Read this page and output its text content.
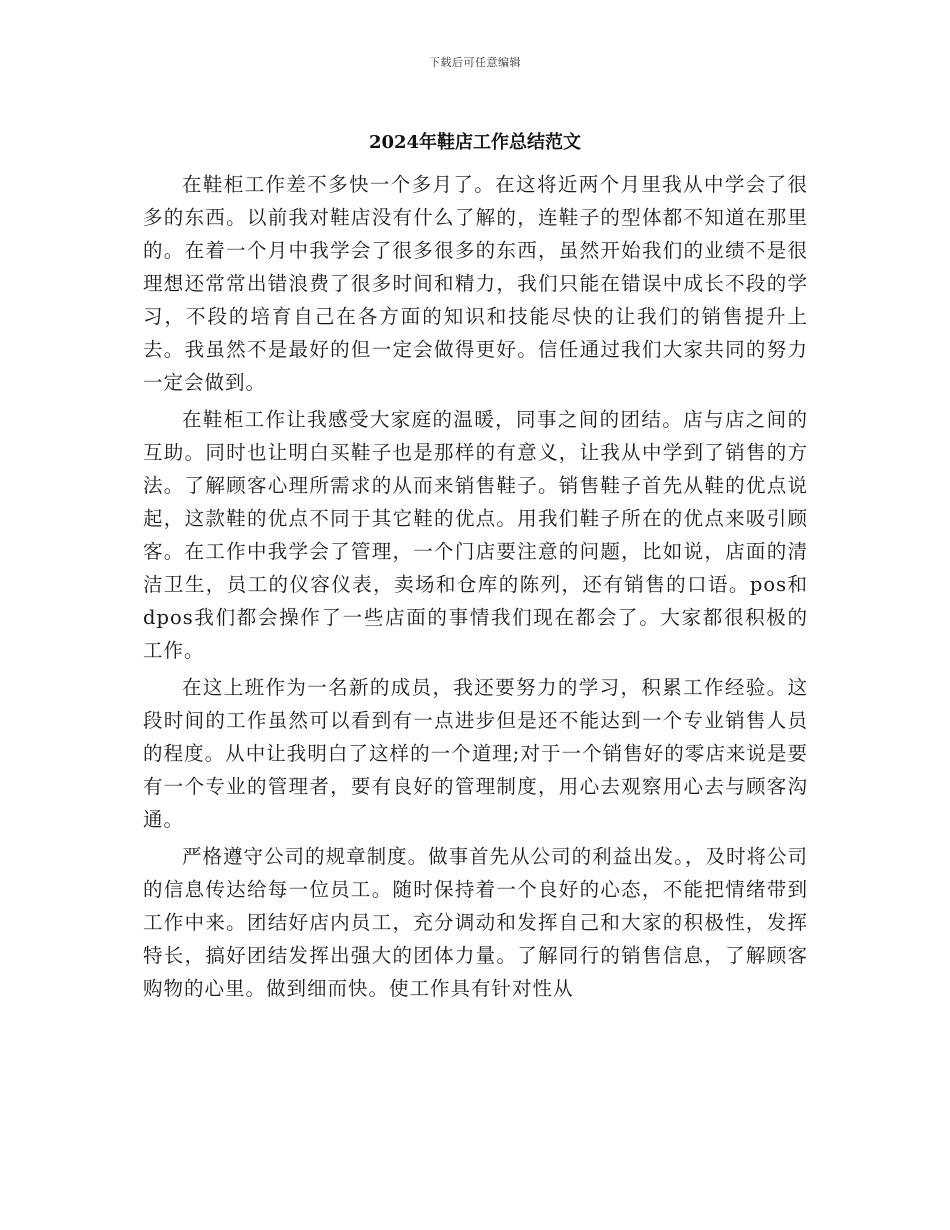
下载后可任意编辑
2024年鞋店工作总结范文

在鞋柜工作差不多快一个多月了。在这将近两个月里我从中学会了很多的东西。以前我对鞋店没有什么了解的，连鞋子的型体都不知道在那里的。在着一个月中我学会了很多很多的东西，虽然开始我们的业绩不是很理想还常常出错浪费了很多时间和精力，我们只能在错误中成长不段的学习，不段的培育自己在各方面的知识和技能尽快的让我们的销售提升上去。我虽然不是最好的但一定会做得更好。信任通过我们大家共同的努力一定会做到。

在鞋柜工作让我感受大家庭的温暖，同事之间的团结。店与店之间的互助。同时也让明白买鞋子也是那样的有意义，让我从中学到了销售的方法。了解顾客心理所需求的从而来销售鞋子。销售鞋子首先从鞋的优点说起，这款鞋的优点不同于其它鞋的优点。用我们鞋子所在的优点来吸引顾客。在工作中我学会了管理，一个门店要注意的问题，比如说，店面的清洁卫生，员工的仪容仪表，卖场和仓库的陈列，还有销售的口语。pos和dpos我们都会操作了一些店面的事情我们现在都会了。大家都很积极的工作。

在这上班作为一名新的成员，我还要努力的学习，积累工作经验。这段时间的工作虽然可以看到有一点进步但是还不能达到一个专业销售人员的程度。从中让我明白了这样的一个道理;对于一个销售好的零店来说是要有一个专业的管理者，要有良好的管理制度，用心去观察用心去与顾客沟通。

严格遵守公司的规章制度。做事首先从公司的利益出发。，及时将公司的信息传达给每一位员工。随时保持着一个良好的心态，不能把情绪带到工作中来。团结好店内员工，充分调动和发挥自己和大家的积极性，发挥特长，搞好团结发挥出强大的团体力量。了解同行的销售信息，了解顾客购物的心里。做到细而快。使工作具有针对性从
